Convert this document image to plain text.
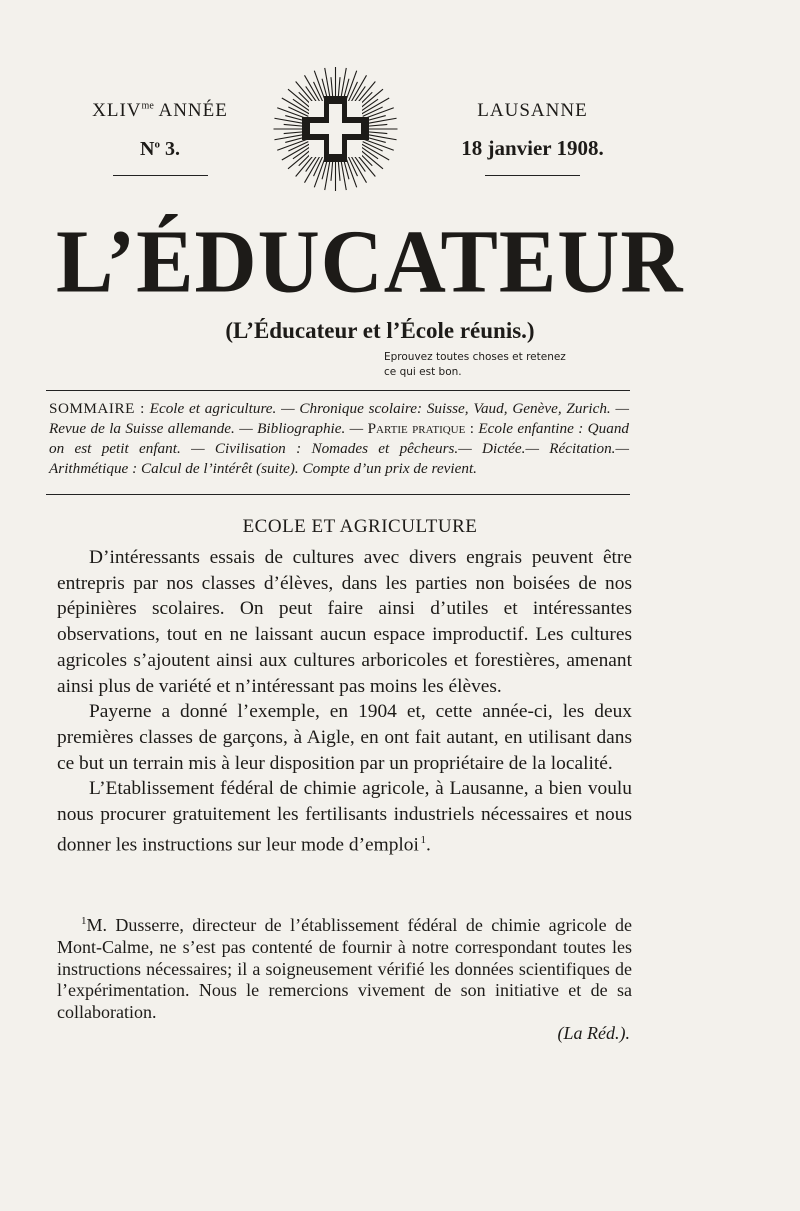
$XLIV^{me}$ ANNÉE
$N^o$ 3.
LAUSANNE
18 janvier 1908.
L’ÉDUCATEUR
(L’Éducateur et l’École réunis.)
Eprouvez toutes choses et retenez
ce qui est bon.
SOMMAIRE : Ecole et agriculture. — Chronique scolaire: Suisse, Vaud, Genève, Zurich. — Revue de la Suisse allemande. — Bibliographie. — Partie pratique : Ecole enfantine : Quand on est petit enfant. — Civilisation : Nomades et pêcheurs.— Dictée.— Récitation.— Arithmétique : Calcul de l’intérêt (suite). Compte d’un prix de revient.
ECOLE ET AGRICULTURE

D’intéressants essais de cultures avec divers engrais peuvent être entrepris par nos classes d’élèves, dans les parties non boisées de nos pépinières scolaires. On peut faire ainsi d’utiles et intéressantes observations, tout en ne laissant aucun espace improductif. Les cultures agricoles s’ajoutent ainsi aux cultures arboricoles et forestières, amenant ainsi plus de variété et n’intéressant pas moins les élèves.

Payerne a donné l’exemple, en 1904 et, cette année-ci, les deux premières classes de garçons, à Aigle, en ont fait autant, en utilisant dans ce but un terrain mis à leur disposition par un propriétaire de la localité.

L’Etablissement fédéral de chimie agricole, à Lausanne, a bien voulu nous procurer gratuitement les fertilisants industriels nécessaires et nous donner les instructions sur leur mode d’emploi  $^1$.

$^1$M. Dusserre, directeur de l’établissement fédéral de chimie agricole de Mont-Calme, ne s’est pas contenté de fournir à notre correspondant toutes les instructions nécessaires; il a soigneusement vérifié les données scientifiques de l’expérimentation. Nous le remercions vivement de son initiative et de sa collaboration.

(La Réd.).
